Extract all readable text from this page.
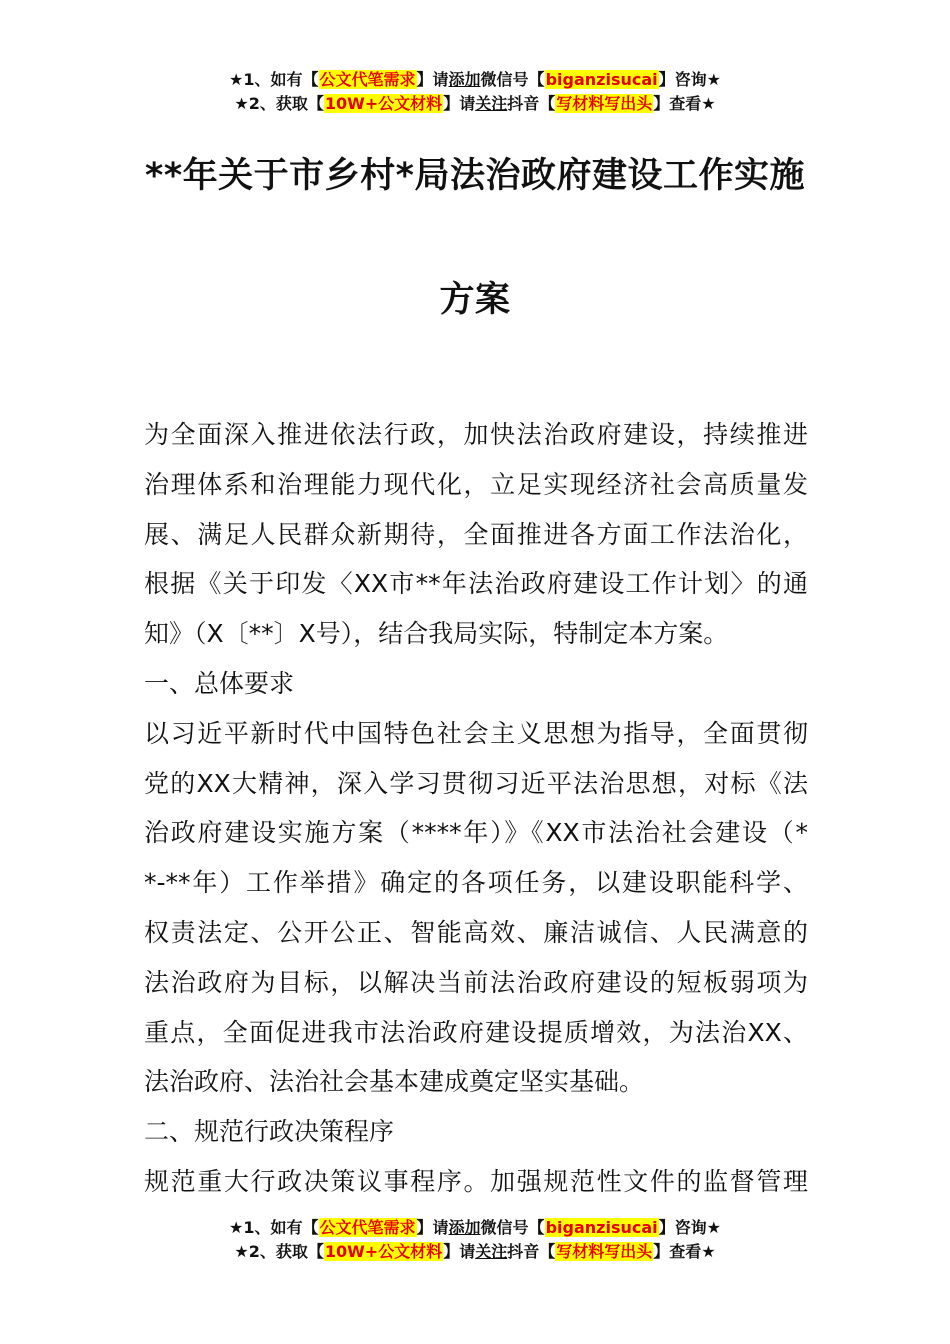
★1、如有【公文代笔需求】请添加微信号【biganzisucai】咨询★
★2、获取【10W+公文材料】请关注抖音【写材料写出头】查看★
**年关于市乡村*局法治政府建设工作实施
方案

为全面深入推进依法行政，加快法治政府建设，持续推进

治理体系和治理能力现代化，立足实现经济社会高质量发

展、满足人民群众新期待，全面推进各方面工作法治化，

根据《关于印发〈XX市**年法治政府建设工作计划〉的通

知》（X〔**〕X号），结合我局实际，特制定本方案。

一、总体要求

以习近平新时代中国特色社会主义思想为指导，全面贯彻

党的XX大精神，深入学习贯彻习近平法治思想，对标《法

治政府建设实施方案（****年）》《XX市法治社会建设（*

*-**年）工作举措》确定的各项任务，以建设职能科学、

权责法定、公开公正、智能高效、廉洁诚信、人民满意的

法治政府为目标，以解决当前法治政府建设的短板弱项为

重点，全面促进我市法治政府建设提质增效，为法治XX、

法治政府、法治社会基本建成奠定坚实基础。

二、规范行政决策程序

规范重大行政决策议事程序。加强规范性文件的监督管理

★1、如有【公文代笔需求】请添加微信号【biganzisucai】咨询★
★2、获取【10W+公文材料】请关注抖音【写材料写出头】查看★
